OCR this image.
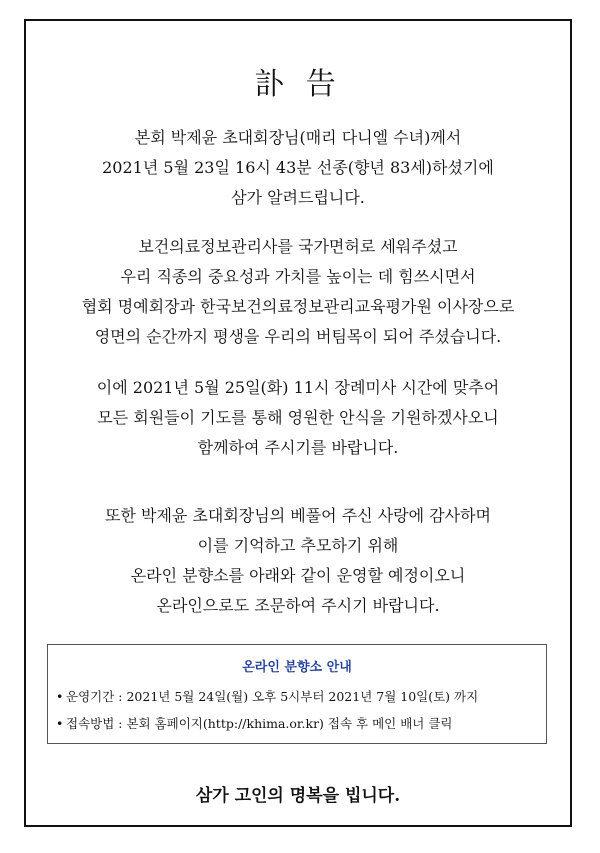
訃 告
본회 박제윤 초대회장님(매리 다니엘 수녀)께서
2021년 5월 23일 16시 43분 선종(향년 83세)하셨기에
삼가 알려드립니다.
보건의료정보관리사를 국가면허로 세워주셨고
우리 직종의 중요성과 가치를 높이는 데 힘쓰시면서
협회 명예회장과 한국보건의료정보관리교육평가원 이사장으로
영면의 순간까지 평생을 우리의 버팀목이 되어 주셨습니다.
이에 2021년 5월 25일(화) 11시 장례미사 시간에 맞추어
모든 회원들이 기도를 통해 영원한 안식을 기원하겠사오니
함께하여 주시기를 바랍니다.
또한 박제윤 초대회장님의 베풀어 주신 사랑에 감사하며
이를 기억하고 추모하기 위해
온라인 분향소를 아래와 같이 운영할 예정이오니
온라인으로도 조문하여 주시기 바랍니다.
온라인 분향소 안내
• 운영기간 : 2021년 5월 24일(월) 오후 5시부터 2021년 7월 10일(토) 까지
• 접속방법 : 본회 홈페이지(http://khima.or.kr) 접속 후 메인 배너 클릭
삼가 고인의 명복을 빕니다.
